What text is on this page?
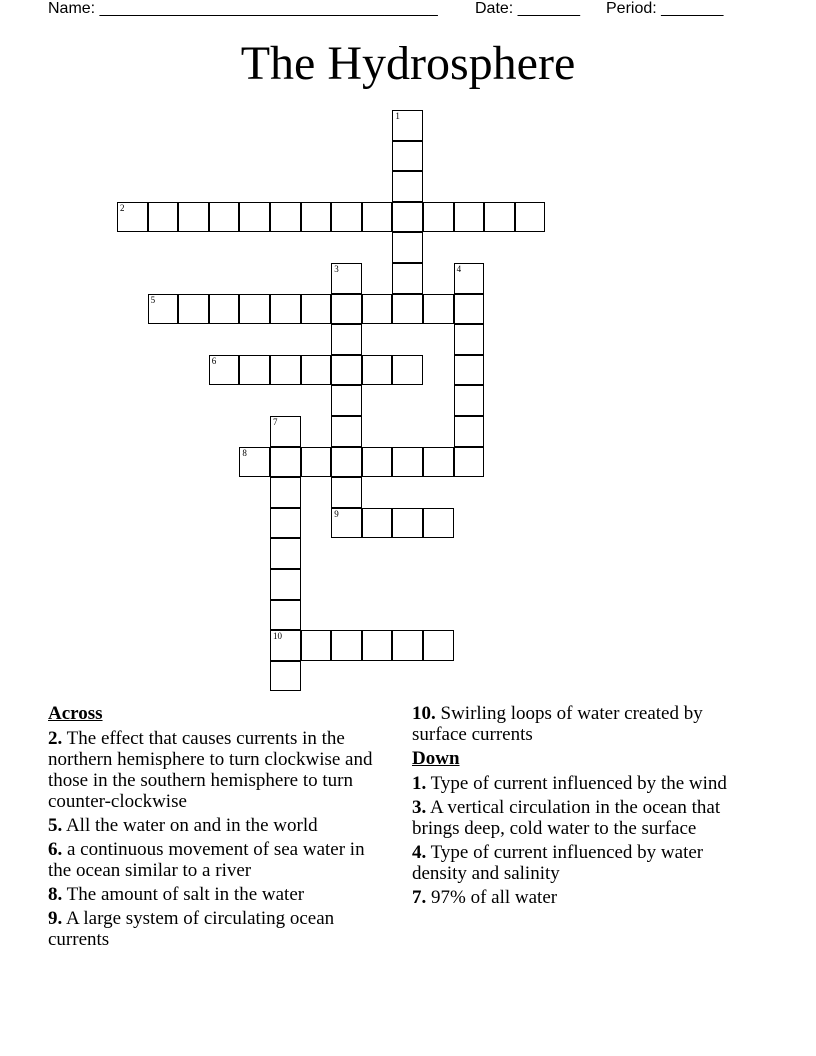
Name: ______________________________________ Date: _______ Period: _______
The Hydrosphere
1
2
3	4
5
6
7
10
8
9
Across
2. The effect that causes currents in the northern hemisphere to turn clockwise and those in the southern hemisphere to turn counter-clockwise
5. All the water on and in the world
6. a continuous movement of sea water in the ocean similar to a river
8. The amount of salt in the water
9. A large system of circulating ocean currents
10. Swirling loops of water created by surface currents
Down
1. Type of current influenced by the wind
3. A vertical circulation in the ocean that brings deep, cold water to the surface
4. Type of current influenced by water density and salinity
7. 97% of all water
